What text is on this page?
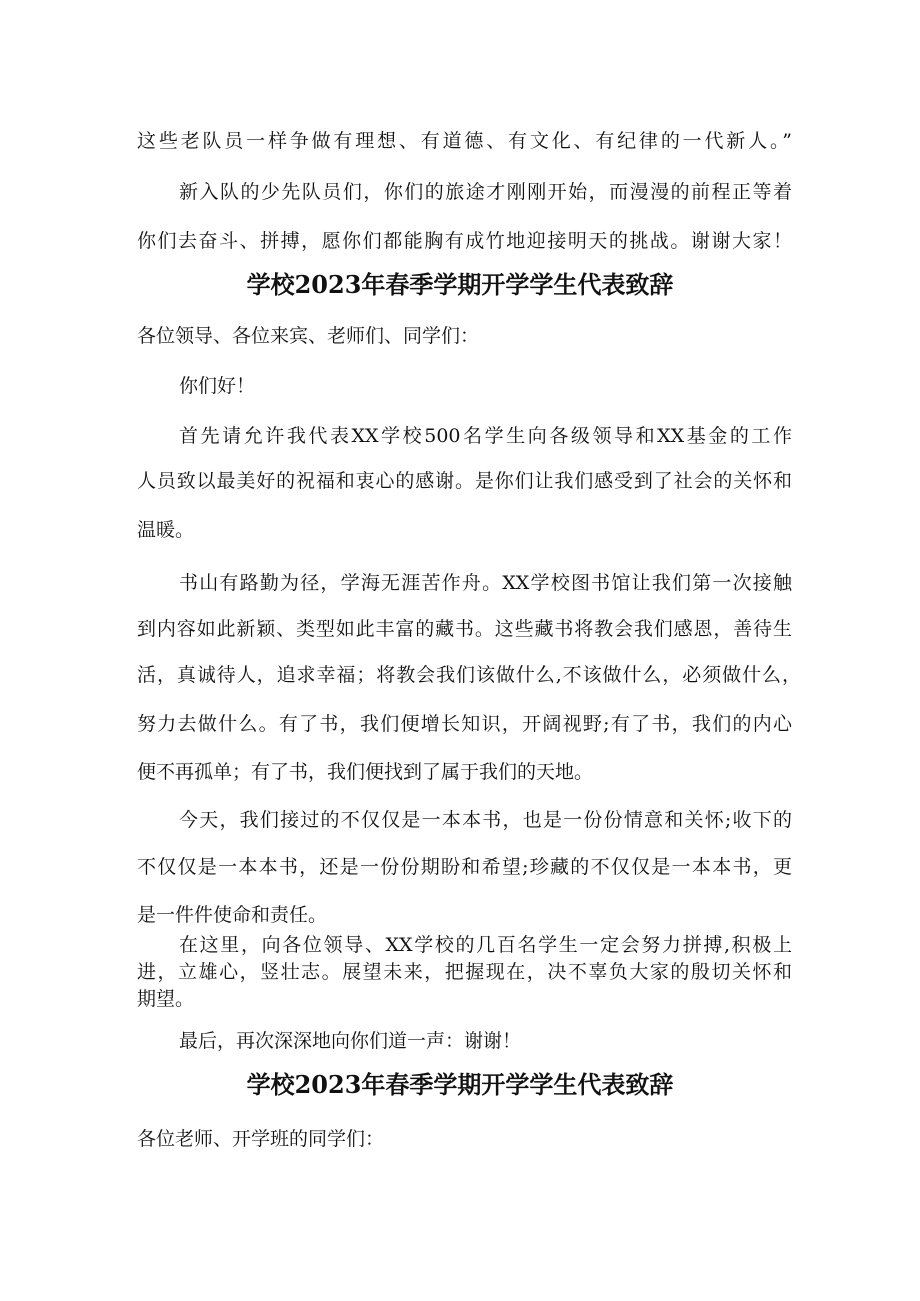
这些老队员一样争做有理想、有道德、有文化、有纪律的一代新人。”

新入队的少先队员们，你们的旅途才刚刚开始，而漫漫的前程正等着

你们去奋斗、拼搏，愿你们都能胸有成竹地迎接明天的挑战。谢谢大家！

学校2023年春季学期开学学生代表致辞

各位领导、各位来宾、老师们、同学们：

你们好！

首先请允许我代表XX学校500名学生向各级领导和XX基金的工作

人员致以最美好的祝福和衷心的感谢。是你们让我们感受到了社会的关怀和

温暖。

书山有路勤为径，学海无涯苦作舟。XX学校图书馆让我们第一次接触

到内容如此新颖、类型如此丰富的藏书。这些藏书将教会我们感恩，善待生

活，真诚待人，追求幸福；将教会我们该做什么,不该做什么，必须做什么，

努力去做什么。有了书，我们便增长知识，开阔视野;有了书，我们的内心

便不再孤单；有了书，我们便找到了属于我们的天地。

今天，我们接过的不仅仅是一本本书，也是一份份情意和关怀;收下的

不仅仅是一本本书，还是一份份期盼和希望;珍藏的不仅仅是一本本书，更

是一件件使命和责任。

在这里，向各位领导、XX学校的几百名学生一定会努力拼搏,积极上

进，立雄心，竖壮志。展望未来，把握现在，决不辜负大家的殷切关怀和

期望。

最后，再次深深地向你们道一声：谢谢！

学校2023年春季学期开学学生代表致辞

各位老师、开学班的同学们：
